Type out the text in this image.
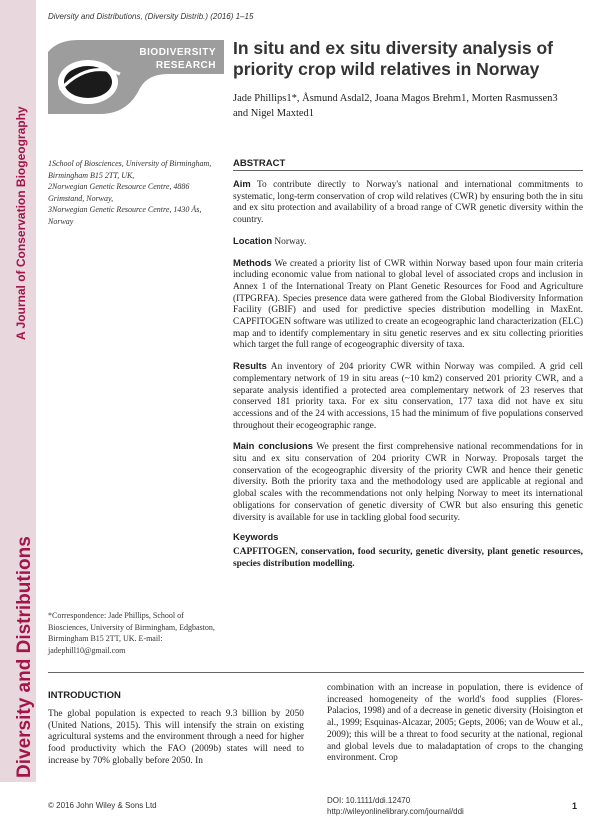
A Journal of Conservation Biogeography
Diversity and Distributions
Diversity and Distributions, (Diversity Distrib.) (2016) 1–15
BIODIVERSITY
RESEARCH
In situ and ex situ diversity analysis of priority crop wild relatives in Norway
Jade Phillips1*, Åsmund Asdal2, Joana Magos Brehm1, Morten Rasmussen3
and Nigel Maxted1
1School of Biosciences, University of Birmingham, Birmingham B15 2TT, UK,
2Norwegian Genetic Resource Centre, 4886 Grimstand, Norway,
3Norwegian Genetic Resource Centre, 1430 Ås, Norway
*Correspondence: Jade Phillips, School of Biosciences, University of Birmingham, Edgbaston, Birmingham B15 2TT, UK. E-mail: jadephill10@gmail.com
ABSTRACT

Aim To contribute directly to Norway's national and international commitments to systematic, long-term conservation of crop wild relatives (CWR) by ensuring both the in situ and ex situ protection and availability of a broad range of CWR genetic diversity within the country.

Location Norway.

Methods We created a priority list of CWR within Norway based upon four main criteria including economic value from national to global level of associated crops and inclusion in Annex 1 of the International Treaty on Plant Genetic Resources for Food and Agriculture (ITPGRFA). Species presence data were gathered from the Global Biodiversity Information Facility (GBIF) and used for predictive species distribution modelling in MaxEnt. CAPFITOGEN software was utilized to create an ecogeographic land characterization (ELC) map and to identify complementary in situ genetic reserves and ex situ collecting priorities which target the full range of ecogeographic diversity of taxa.

Results An inventory of 204 priority CWR within Norway was compiled. A grid cell complementary network of 19 in situ areas (~10 km2) conserved 201 priority CWR, and a separate analysis identified a protected area complementary network of 23 reserves that conserved 181 priority taxa. For ex situ conservation, 177 taxa did not have ex situ accessions and of the 24 with accessions, 15 had the minimum of five populations conserved throughout their ecogeographic range.

Main conclusions We present the first comprehensive national recommendations for in situ and ex situ conservation of 204 priority CWR in Norway. Proposals target the conservation of the ecogeographic diversity of the priority CWR and hence their genetic diversity. Both the priority taxa and the methodology used are applicable at regional and global scales with the recommendations not only helping Norway to meet its international obligations for conservation of genetic diversity of CWR but also ensuring this genetic diversity is available for use in tackling global food security.

Keywords
CAPFITOGEN, conservation, food security, genetic diversity, plant genetic resources, species distribution modelling.
INTRODUCTION
The global population is expected to reach 9.3 billion by 2050 (United Nations, 2015). This will intensify the strain on existing agricultural systems and the environment through a need for higher food productivity which the FAO (2009b) states will need to increase by 70% globally before 2050. In
combination with an increase in population, there is evidence of increased homogeneity of the world's food supplies (Flores-Palacios, 1998) and of a decrease in genetic diversity (Hoisington et al., 1999; Esquinas-Alcazar, 2005; Gepts, 2006; van de Wouw et al., 2009); this will be a threat to food security at the national, regional and global levels due to maladaptation of crops to the changing environment. Crop
© 2016 John Wiley & Sons Ltd
DOI: 10.1111/ddi.12470
http://wileyonlinelibrary.com/journal/ddi	1
